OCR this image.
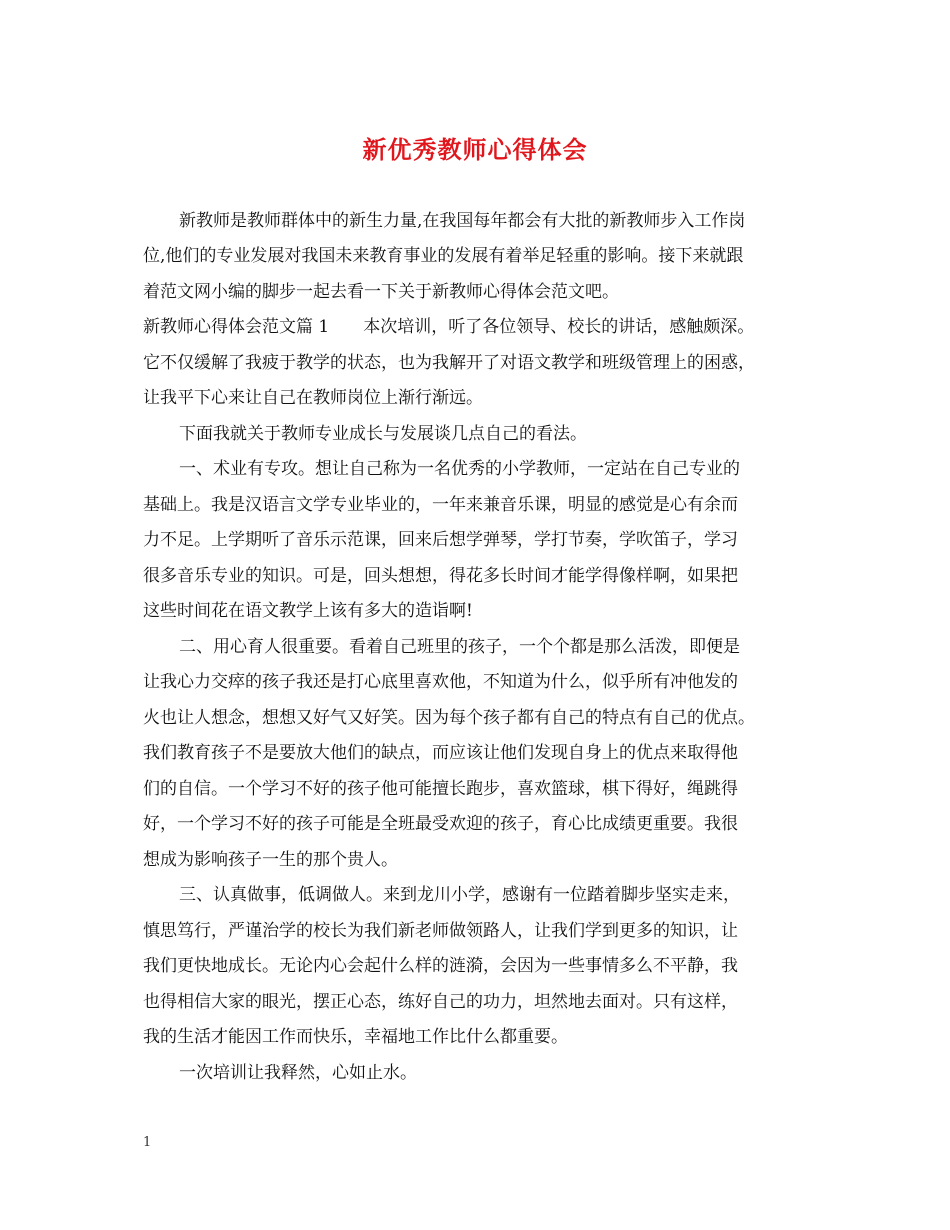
新优秀教师心得体会
新教师是教师群体中的新生力量,在我国每年都会有大批的新教师步入工作岗
位,他们的专业发展对我国未来教育事业的发展有着举足轻重的影响。接下来就跟
着范文网小编的脚步一起去看一下关于新教师心得体会范文吧。
新教师心得体会范文篇 1　　本次培训，听了各位领导、校长的讲话，感触颇深。
它不仅缓解了我疲于教学的状态，也为我解开了对语文教学和班级管理上的困惑，
让我平下心来让自己在教师岗位上渐行渐远。
下面我就关于教师专业成长与发展谈几点自己的看法。
一、术业有专攻。想让自己称为一名优秀的小学教师，一定站在自己专业的
基础上。我是汉语言文学专业毕业的，一年来兼音乐课，明显的感觉是心有余而
力不足。上学期听了音乐示范课，回来后想学弹琴，学打节奏，学吹笛子，学习
很多音乐专业的知识。可是，回头想想，得花多长时间才能学得像样啊，如果把
这些时间花在语文教学上该有多大的造诣啊!
二、用心育人很重要。看着自己班里的孩子，一个个都是那么活泼，即便是
让我心力交瘁的孩子我还是打心底里喜欢他，不知道为什么，似乎所有冲他发的
火也让人想念，想想又好气又好笑。因为每个孩子都有自己的特点有自己的优点。
我们教育孩子不是要放大他们的缺点，而应该让他们发现自身上的优点来取得他
们的自信。一个学习不好的孩子他可能擅长跑步，喜欢篮球，棋下得好，绳跳得
好，一个学习不好的孩子可能是全班最受欢迎的孩子，育心比成绩更重要。我很
想成为影响孩子一生的那个贵人。
三、认真做事，低调做人。来到龙川小学，感谢有一位踏着脚步坚实走来，
慎思笃行，严谨治学的校长为我们新老师做领路人，让我们学到更多的知识，让
我们更快地成长。无论内心会起什么样的涟漪，会因为一些事情多么不平静，我
也得相信大家的眼光，摆正心态，练好自己的功力，坦然地去面对。只有这样，
我的生活才能因工作而快乐，幸福地工作比什么都重要。
一次培训让我释然，心如止水。
1
